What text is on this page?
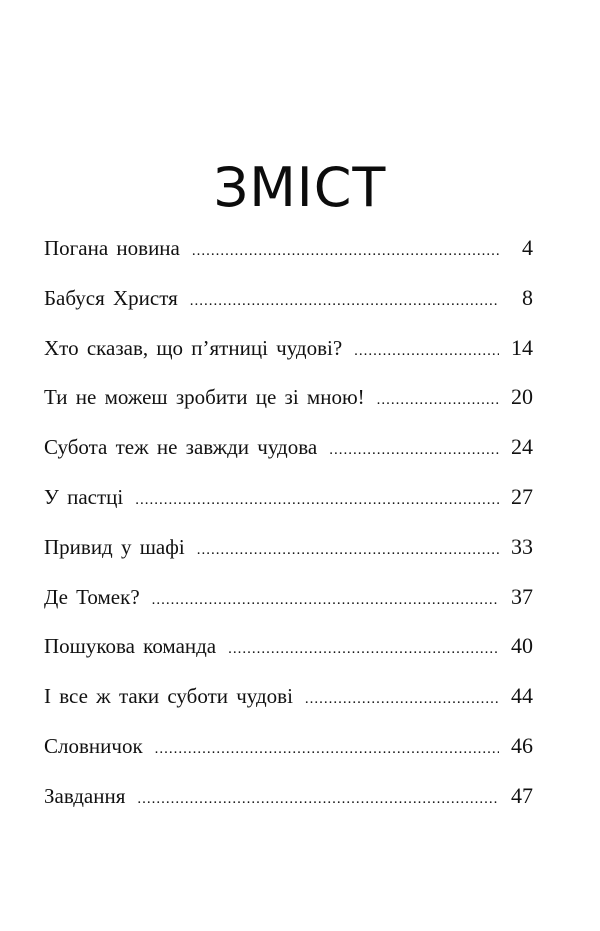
ЗМІСТ
Погана новина .....	4
Бабуся Христя .....	8
Хто сказав, що п’ятниці чудові? .....	14
Ти не можеш зробити це зі мною! .....	20
Субота теж не завжди чудова .....	24
У пастці .....	27
Привид у шафі .....	33
Де Томек? .....	37
Пошукова команда .....	40
І все ж таки суботи чудові .....	44
Словничок .....	46
Завдання .....	47
